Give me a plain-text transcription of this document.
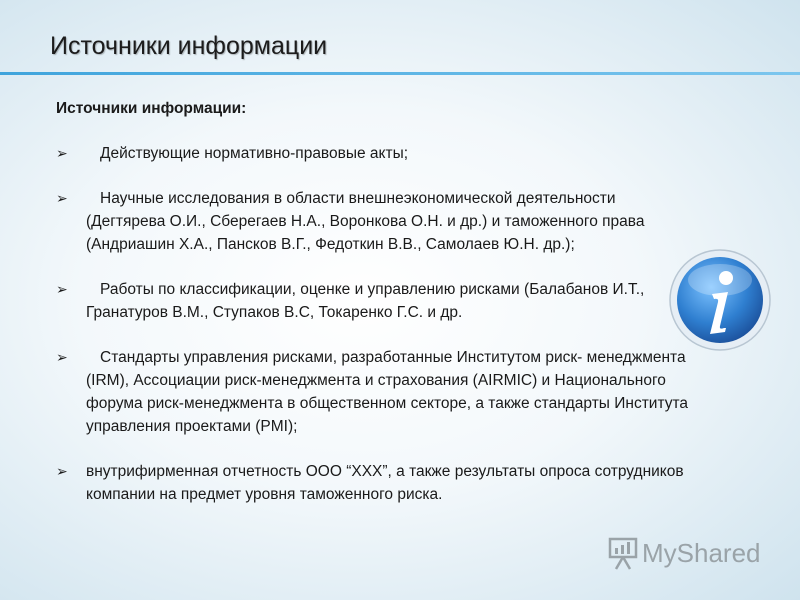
Источники информации
Источники информации:
➢	Действующие нормативно-правовые акты;
➢	Научные исследования в области внешнеэкономической деятельности (Дегтярева О.И., Сберегаев Н.А., Воронкова О.Н. и др.) и таможенного права (Андриашин Х.А., Пансков В.Г., Федоткин В.В., Самолаев Ю.Н. др.);
➢	Работы по классификации, оценке и управлению рисками (Балабанов И.Т., Гранатуров В.М., Ступаков В.С, Токаренко Г.С. и др.
➢	Стандарты управления рисками, разработанные Институтом риск- менеджмента (IRM), Ассоциации риск-менеджмента и страхования (AIRMIC) и Национального форума риск-менеджмента в общественном секторе, а также стандарты Института управления проектами (PMI);
➢ внутрифирменная отчетность ООО “XXX”, а также результаты опроса сотрудников компании на предмет уровня таможенного риска.
MyShared
